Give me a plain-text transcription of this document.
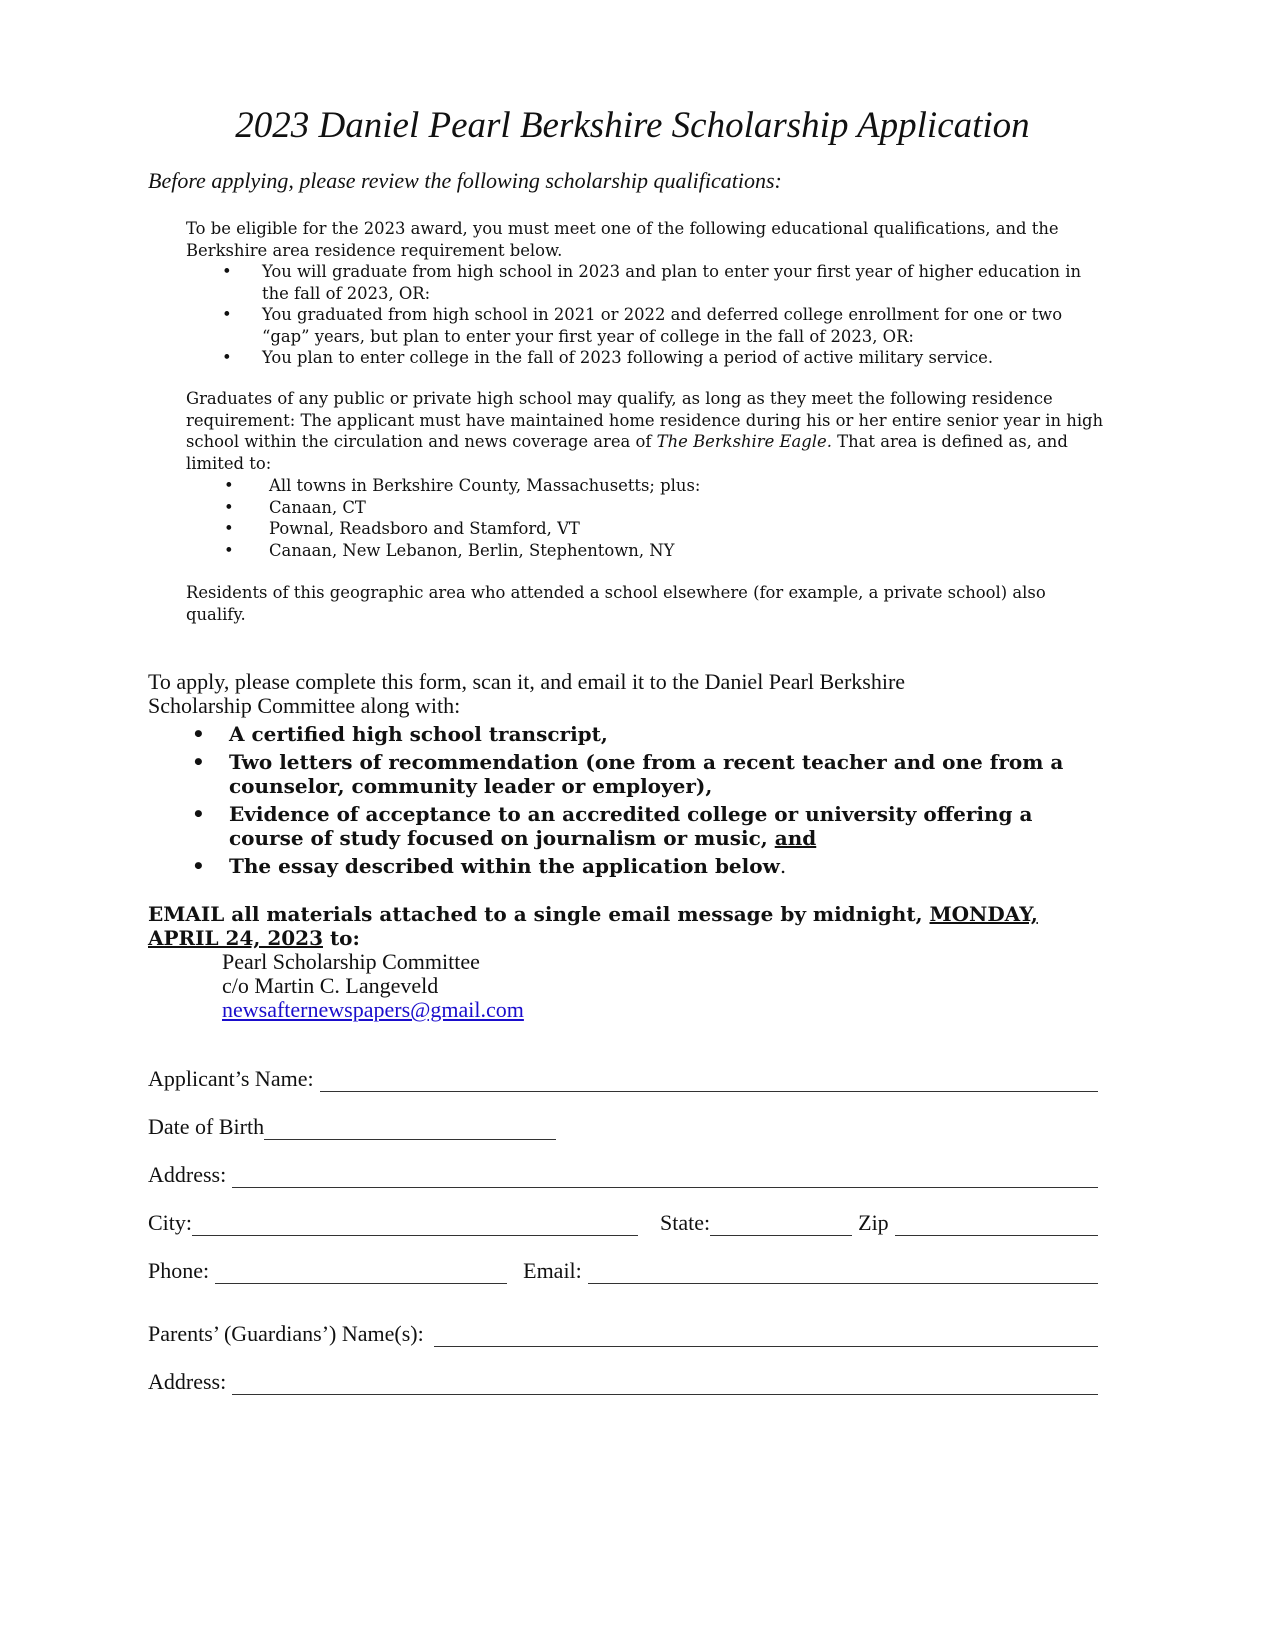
2023 Daniel Pearl Berkshire Scholarship Application
Before applying, please review the following scholarship qualifications:
To be eligible for the 2023 award, you must meet one of the following educational qualifications, and the Berkshire area residence requirement below.
• You will graduate from high school in 2023 and plan to enter your first year of higher education in the fall of 2023, OR:
• You graduated from high school in 2021 or 2022 and deferred college enrollment for one or two “gap” years, but plan to enter your first year of college in the fall of 2023, OR:
• You plan to enter college in the fall of 2023 following a period of active military service.
Graduates of any public or private high school may qualify, as long as they meet the following residence requirement: The applicant must have maintained home residence during his or her entire senior year in high school within the circulation and news coverage area of The Berkshire Eagle. That area is defined as, and limited to:
• All towns in Berkshire County, Massachusetts; plus:
• Canaan, CT
• Pownal, Readsboro and Stamford, VT
• Canaan, New Lebanon, Berlin, Stephentown, NY
Residents of this geographic area who attended a school elsewhere (for example, a private school) also qualify.
To apply, please complete this form, scan it, and email it to the Daniel Pearl Berkshire Scholarship Committee along with:
• A certified high school transcript,
• Two letters of recommendation (one from a recent teacher and one from a counselor, community leader or employer),
• Evidence of acceptance to an accredited college or university offering a course of study focused on journalism or music, and
• The essay described within the application below.
EMAIL all materials attached to a single email message by midnight, MONDAY, APRIL 24, 2023 to:
Pearl Scholarship Committee
c/o Martin C. Langeveld
newsafternewspapers@gmail.com
Applicant’s Name:
Date of Birth
Address:
City:	State:	Zip
Phone:	Email:
Parents’ (Guardians’) Name(s):
Address:
